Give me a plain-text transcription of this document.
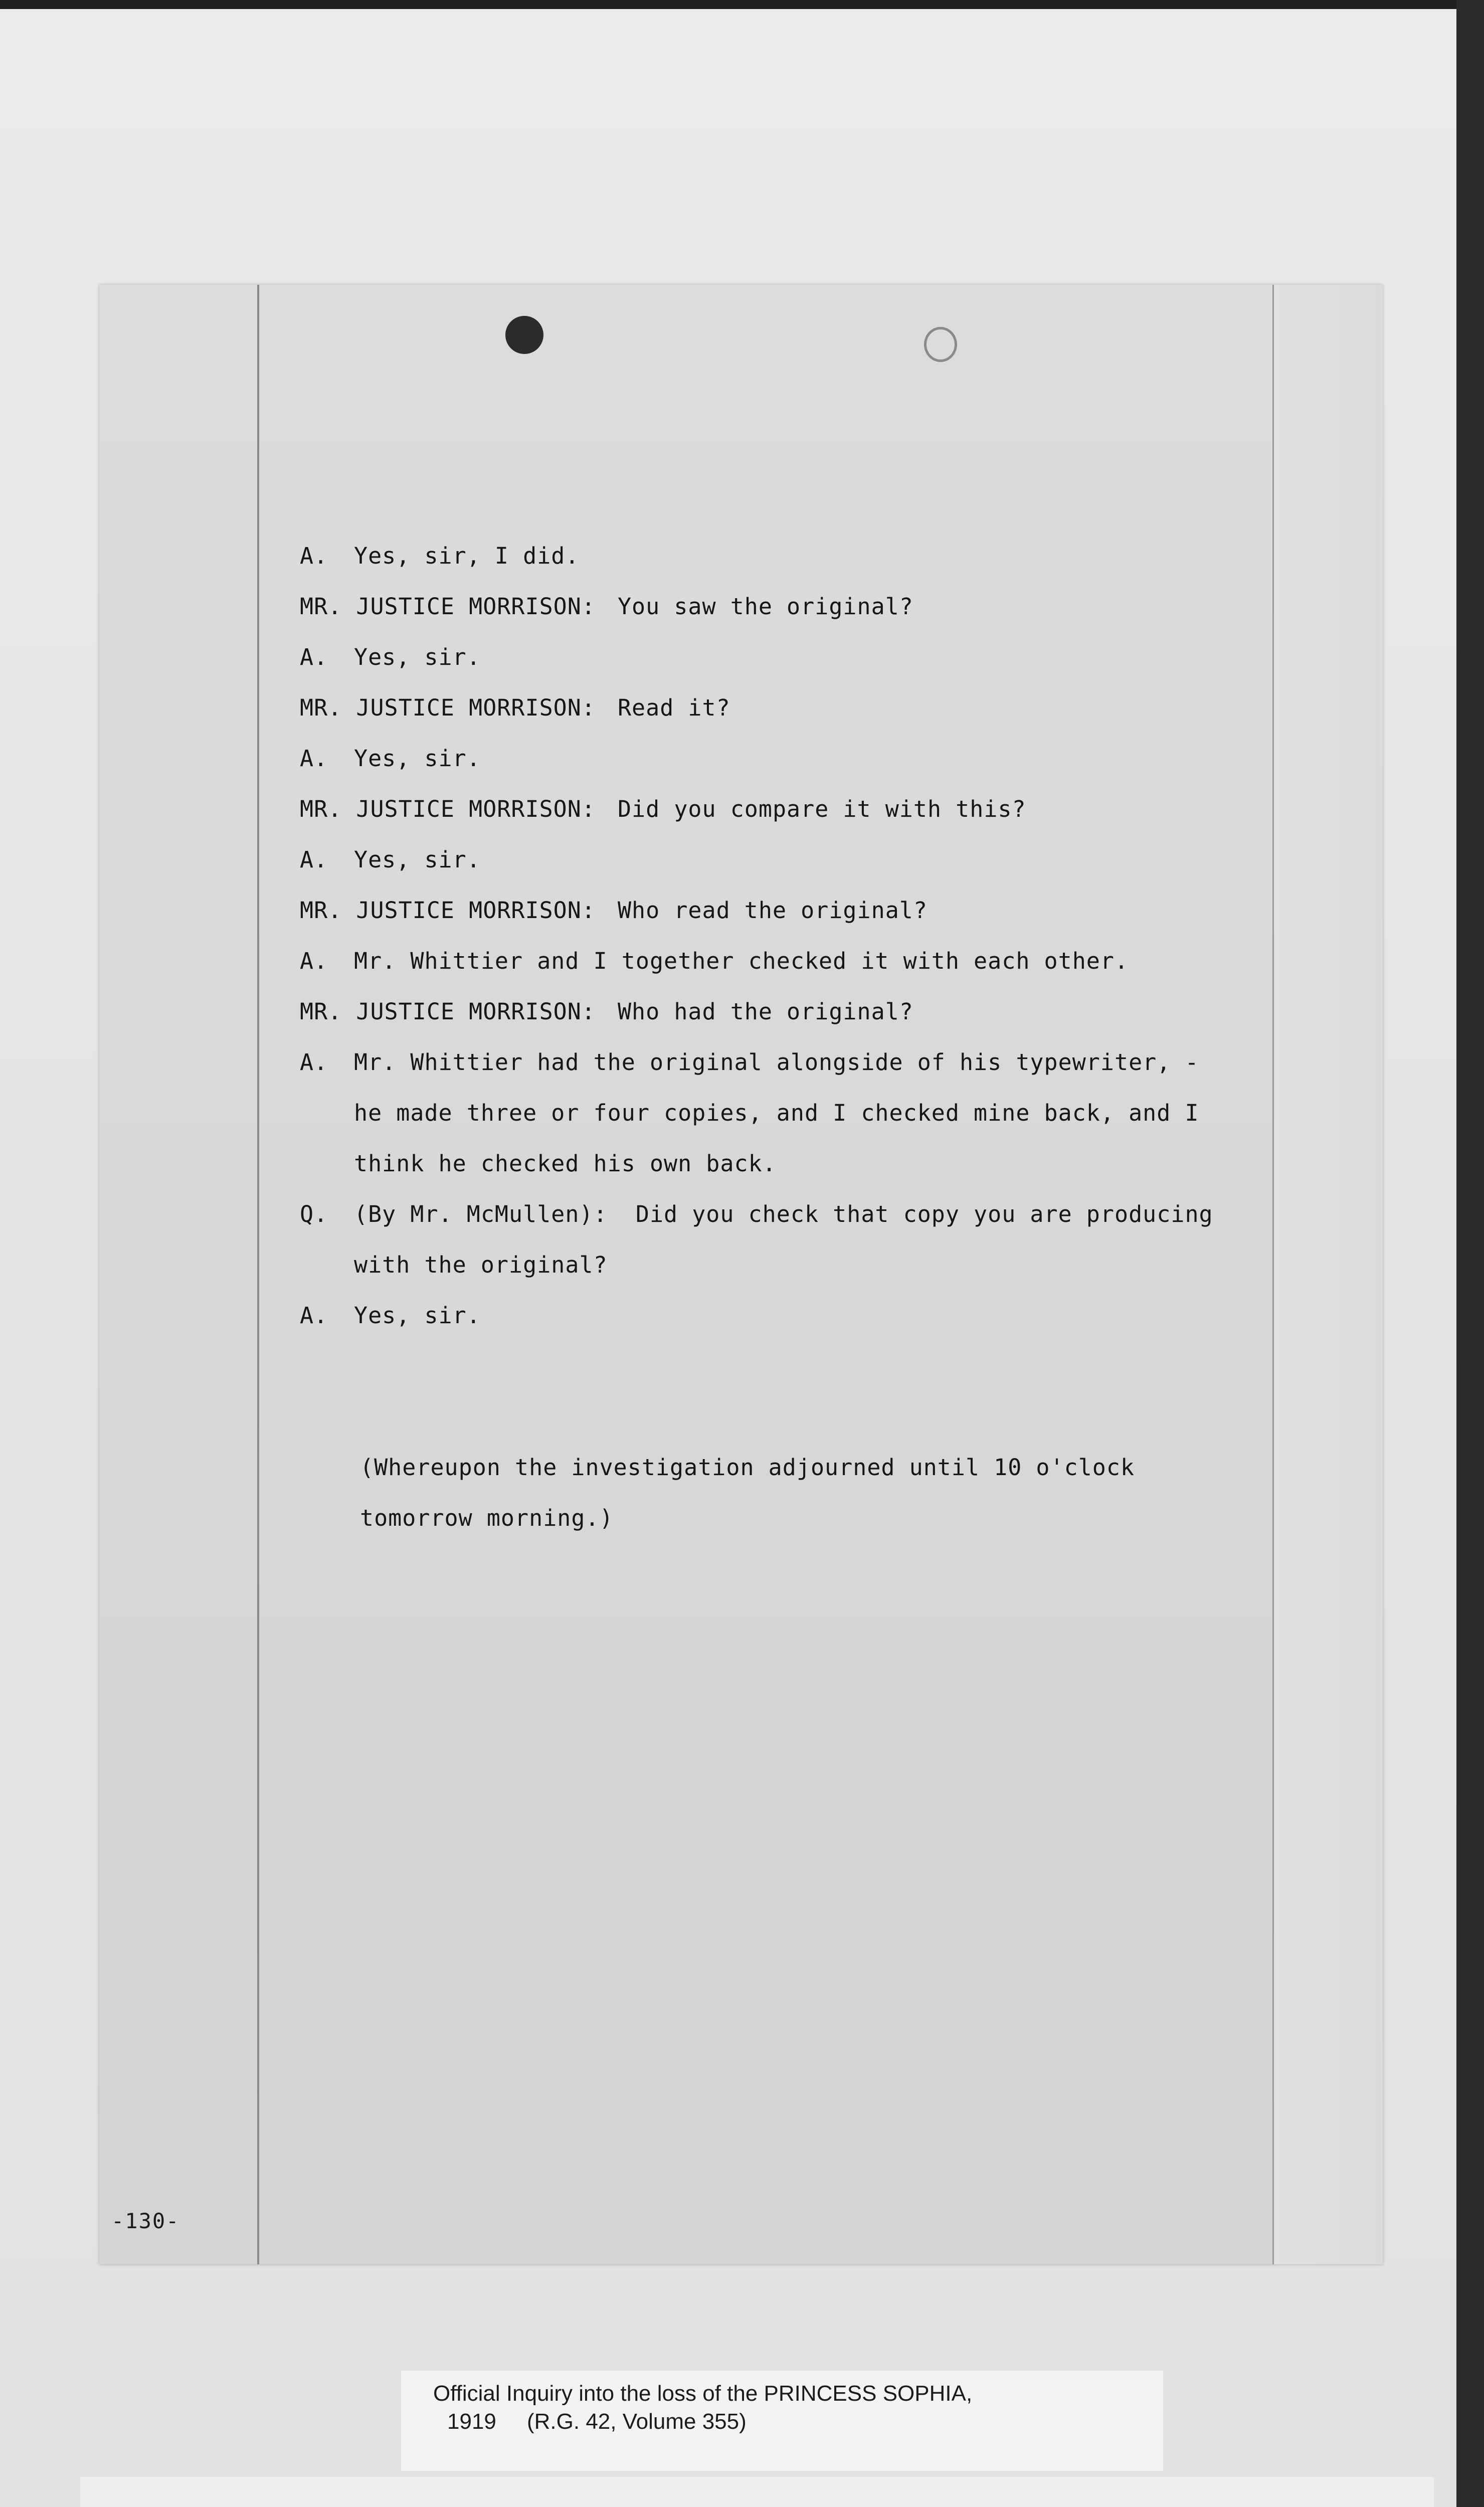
A.	Yes, sir, I did.
MR. JUSTICE MORRISON: You saw the original?
A.	Yes, sir.
MR. JUSTICE MORRISON: Read it?
A.	Yes, sir.
MR. JUSTICE MORRISON: Did you compare it with this?
A.	Yes, sir.
MR. JUSTICE MORRISON: Who read the original?
A.	Mr. Whittier and I together checked it with each other.
MR. JUSTICE MORRISON: Who had the original?
A.	Mr. Whittier had the original alongside of his typewriter, -
he made three or four copies, and I checked mine back, and I
think he checked his own back.
Q.	(By Mr. McMullen):  Did you check that copy you are producing
with the original?
A.	Yes, sir.
(Whereupon the investigation adjourned until 10 o'clock
tomorrow morning.)
-130-
Official Inquiry into the loss of the PRINCESS SOPHIA,
1919     (R.G. 42, Volume 355)
